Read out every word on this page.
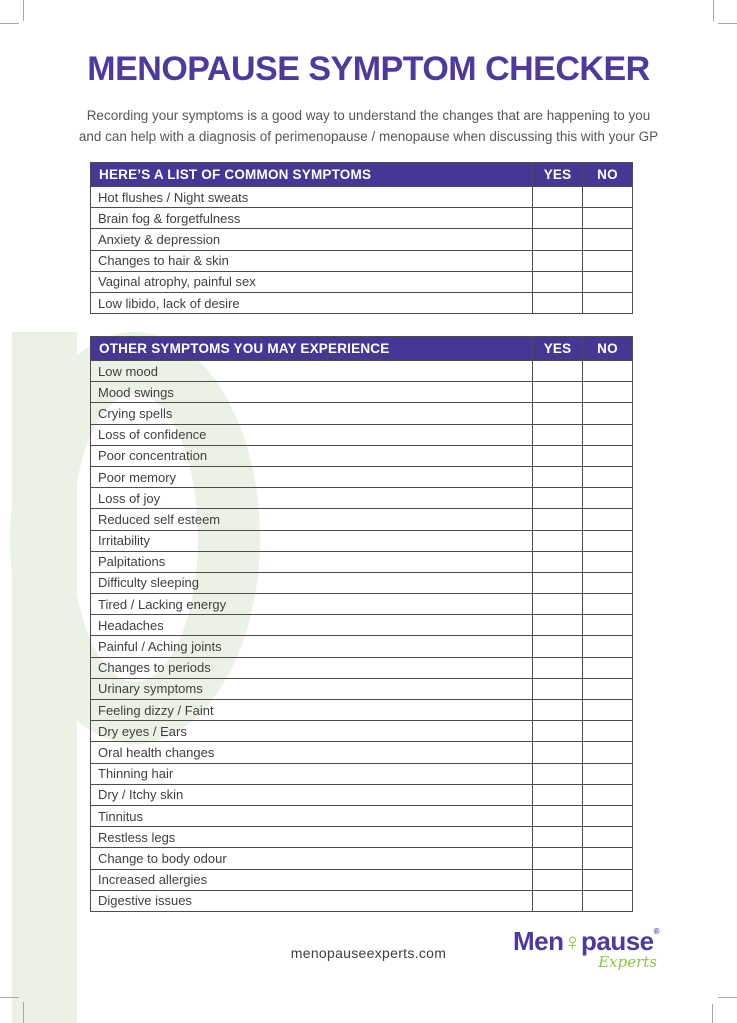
MENOPAUSE SYMPTOM CHECKER
Recording your symptoms is a good way to understand the changes that are happening to you
and can help with a diagnosis of perimenopause / menopause when discussing this with your GP
HERE’S A LIST OF COMMON SYMPTOMS	YES	NO
Hot flushes / Night sweats		
Brain fog & forgetfulness		
Anxiety & depression		
Changes to hair & skin		
Vaginal atrophy, painful sex		
Low libido, lack of desire		
OTHER SYMPTOMS YOU MAY EXPERIENCE	YES	NO
Low mood		
Mood swings		
Crying spells		
Loss of confidence		
Poor concentration		
Poor memory		
Loss of joy		
Reduced self esteem		
Irritability		
Palpitations		
Difficulty sleeping		
Tired / Lacking energy		
Headaches		
Painful / Aching joints		
Changes to periods		
Urinary symptoms		
Feeling dizzy / Faint		
Dry eyes / Ears		
Oral health changes		
Thinning hair		
Dry / Itchy skin		
Tinnitus		
Restless legs		
Change to body odour		
Increased allergies		
Digestive issues		
menopauseexperts.com	Men♀pause®
Experts
